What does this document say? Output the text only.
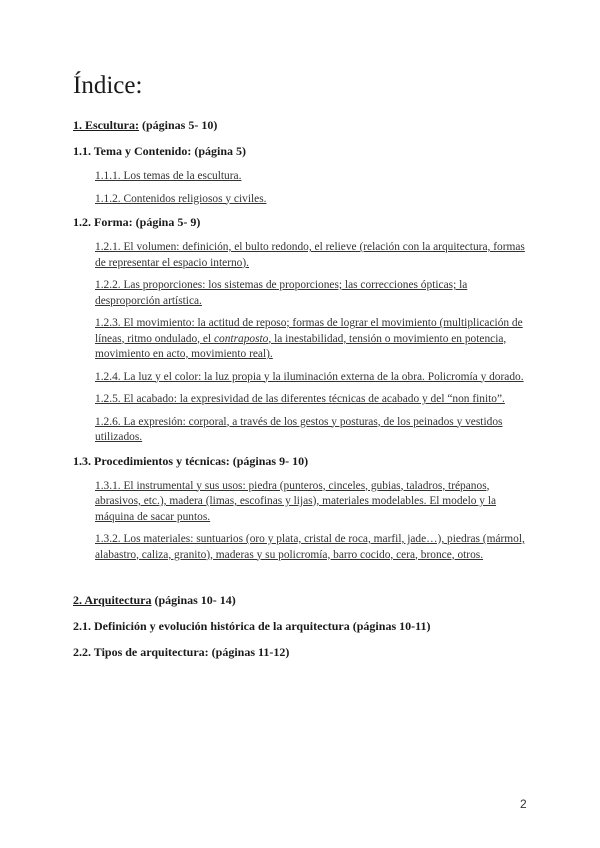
Índice:
1. Escultura: (páginas 5- 10)
1.1. Tema y Contenido: (página 5)
1.1.1. Los temas de la escultura.
1.1.2. Contenidos religiosos y civiles.
1.2. Forma: (página 5- 9)
1.2.1. El volumen: definición, el bulto redondo, el relieve (relación con la arquitectura, formas de representar el espacio interno).
1.2.2. Las proporciones: los sistemas de proporciones; las correcciones ópticas; la desproporción artística.
1.2.3. El movimiento: la actitud de reposo; formas de lograr el movimiento (multiplicación de líneas, ritmo ondulado, el contraposto, la inestabilidad, tensión o movimiento en potencia, movimiento en acto, movimiento real).
1.2.4. La luz y el color: la luz propia y la iluminación externa de la obra. Policromía y dorado.
1.2.5. El acabado: la expresividad de las diferentes técnicas de acabado y del “non finito”.
1.2.6. La expresión: corporal, a través de los gestos y posturas, de los peinados y vestidos utilizados.
1.3. Procedimientos y técnicas: (páginas 9- 10)
1.3.1. El instrumental y sus usos: piedra (punteros, cinceles, gubias, taladros, trépanos, abrasivos, etc.), madera (limas, escofinas y lijas), materiales modelables. El modelo y la máquina de sacar puntos.
1.3.2. Los materiales: suntuarios (oro y plata, cristal de roca, marfil, jade…), piedras (mármol, alabastro, caliza, granito), maderas y su policromía, barro cocido, cera, bronce, otros.
2. Arquitectura (páginas 10- 14)
2.1. Definición y evolución histórica de la arquitectura (páginas 10-11)
2.2. Tipos de arquitectura: (páginas 11-12)
2
